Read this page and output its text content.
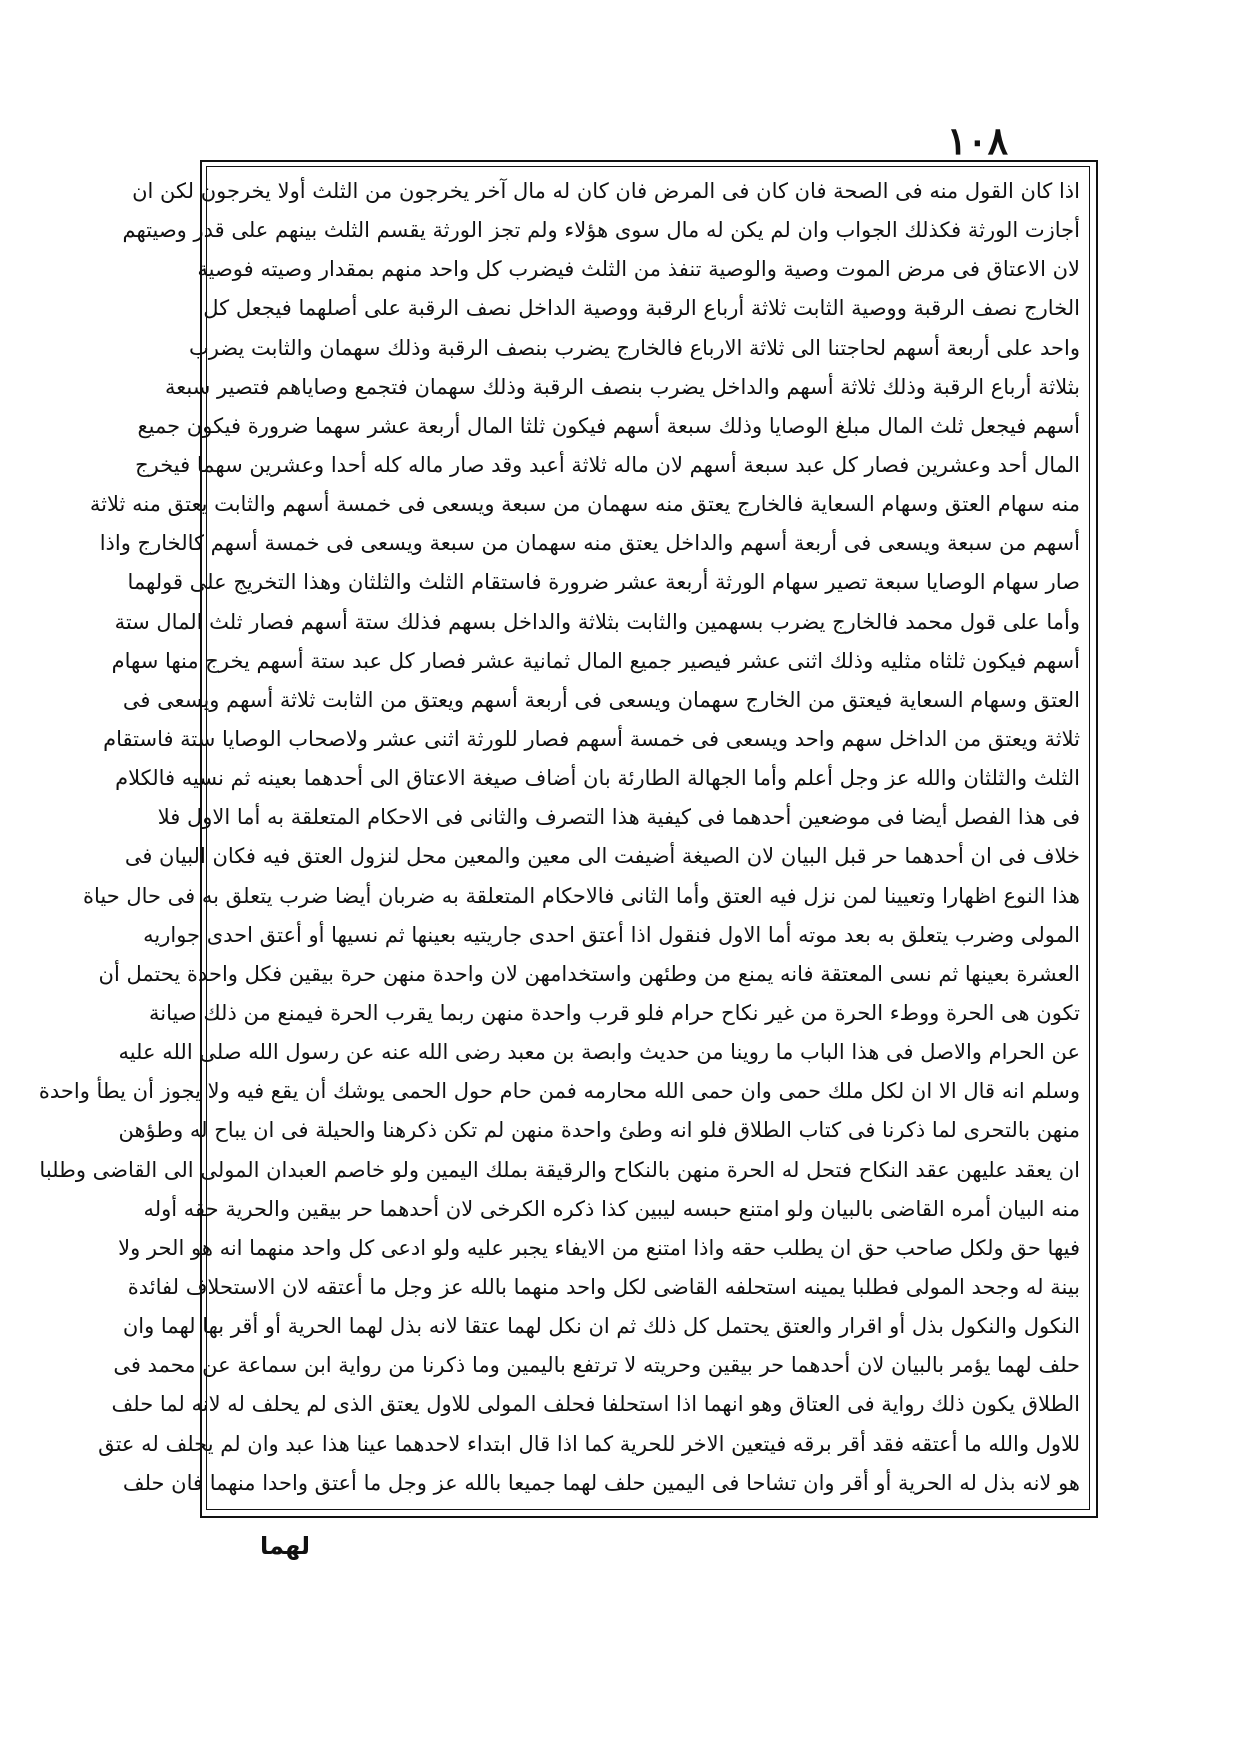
١٠٨
اذا كان القول منه فى الصحة فان كان فى المرض فان كان له مال آخر يخرجون من الثلث أولا يخرجون لكن ان
أجازت الورثة فكذلك الجواب وان لم يكن له مال سوى هؤلاء ولم تجز الورثة يقسم الثلث بينهم على قدر وصيتهم
لان الاعتاق فى مرض الموت وصية والوصية تنفذ من الثلث فيضرب كل واحد منهم بمقدار وصيته فوصية
الخارج نصف الرقبة ووصية الثابت ثلاثة أرباع الرقبة ووصية الداخل نصف الرقبة على أصلهما فيجعل كل
واحد على أربعة أسهم لحاجتنا الى ثلاثة الارباع فالخارج يضرب بنصف الرقبة وذلك سهمان والثابت يضرب
بثلاثة أرباع الرقبة وذلك ثلاثة أسهم والداخل يضرب بنصف الرقبة وذلك سهمان فتجمع وصاياهم فتصير سبعة
أسهم فيجعل ثلث المال مبلغ الوصايا وذلك سبعة أسهم فيكون ثلثا المال أربعة عشر سهما ضرورة فيكون جميع
المال أحد وعشرين فصار كل عبد سبعة أسهم لان ماله ثلاثة أعبد وقد صار ماله كله أحدا وعشرين سهما فيخرج
منه سهام العتق وسهام السعاية فالخارج يعتق منه سهمان من سبعة ويسعى فى خمسة أسهم والثابت يعتق منه ثلاثة
أسهم من سبعة ويسعى فى أربعة أسهم والداخل يعتق منه سهمان من سبعة ويسعى فى خمسة أسهم كالخارج واذا
صار سهام الوصايا سبعة تصير سهام الورثة أربعة عشر ضرورة فاستقام الثلث والثلثان وهذا التخريج على قولهما
وأما على قول محمد فالخارج يضرب بسهمين والثابت بثلاثة والداخل بسهم فذلك ستة أسهم فصار ثلث المال ستة
أسهم فيكون ثلثاه مثليه وذلك اثنى عشر فيصير جميع المال ثمانية عشر فصار كل عبد ستة أسهم يخرج منها سهام
العتق وسهام السعاية فيعتق من الخارج سهمان ويسعى فى أربعة أسهم ويعتق من الثابت ثلاثة أسهم ويسعى فى
ثلاثة ويعتق من الداخل سهم واحد ويسعى فى خمسة أسهم فصار للورثة اثنى عشر ولاصحاب الوصايا ستة فاستقام
الثلث والثلثان والله عز وجل أعلم وأما الجهالة الطارئة بان أضاف صيغة الاعتاق الى أحدهما بعينه ثم نسيه فالكلام
فى هذا الفصل أيضا فى موضعين أحدهما فى كيفية هذا التصرف والثانى فى الاحكام المتعلقة به أما الاول فلا
خلاف فى ان أحدهما حر قبل البيان لان الصيغة أضيفت الى معين والمعين محل لنزول العتق فيه فكان البيان فى
هذا النوع اظهارا وتعيينا لمن نزل فيه العتق وأما الثانى فالاحكام المتعلقة به ضربان أيضا ضرب يتعلق به فى حال حياة
المولى وضرب يتعلق به بعد موته أما الاول فنقول اذا أعتق احدى جاريتيه بعينها ثم نسيها أو أعتق احدى جواريه
العشرة بعينها ثم نسى المعتقة فانه يمنع من وطئهن واستخدامهن لان واحدة منهن حرة بيقين فكل واحدة يحتمل أن
تكون هى الحرة ووطء الحرة من غير نكاح حرام فلو قرب واحدة منهن ربما يقرب الحرة فيمنع من ذلك صيانة
عن الحرام والاصل فى هذا الباب ما روينا من حديث وابصة بن معبد رضى الله عنه عن رسول الله صلى الله عليه
وسلم انه قال الا ان لكل ملك حمى وان حمى الله محارمه فمن حام حول الحمى يوشك أن يقع فيه ولا يجوز أن يطأ واحدة
منهن بالتحرى لما ذكرنا فى كتاب الطلاق فلو انه وطئ واحدة منهن لم تكن ذكرهنا والحيلة فى ان يباح له وطؤهن
ان يعقد عليهن عقد النكاح فتحل له الحرة منهن بالنكاح والرقيقة بملك اليمين ولو خاصم العبدان المولى الى القاضى وطلبا
منه البيان أمره القاضى بالبيان ولو امتنع حبسه ليبين كذا ذكره الكرخى لان أحدهما حر بيقين والحرية حقه أوله
فيها حق ولكل صاحب حق ان يطلب حقه واذا امتنع من الايفاء يجبر عليه ولو ادعى كل واحد منهما انه هو الحر ولا
بينة له وجحد المولى فطلبا يمينه استحلفه القاضى لكل واحد منهما بالله عز وجل ما أعتقه لان الاستحلاف لفائدة
النكول والنكول بذل أو اقرار والعتق يحتمل كل ذلك ثم ان نكل لهما عتقا لانه بذل لهما الحرية أو أقر بها لهما وان
حلف لهما يؤمر بالبيان لان أحدهما حر بيقين وحريته لا ترتفع باليمين وما ذكرنا من رواية ابن سماعة عن محمد فى
الطلاق يكون ذلك رواية فى العتاق وهو انهما اذا استحلفا فحلف المولى للاول يعتق الذى لم يحلف له لانه لما حلف
للاول والله ما أعتقه فقد أقر برقه فيتعين الاخر للحرية كما اذا قال ابتداء لاحدهما عينا هذا عبد وان لم يحلف له عتق
هو لانه بذل له الحرية أو أقر وان تشاحا فى اليمين حلف لهما جميعا بالله عز وجل ما أعتق واحدا منهما فان حلف
لهما
